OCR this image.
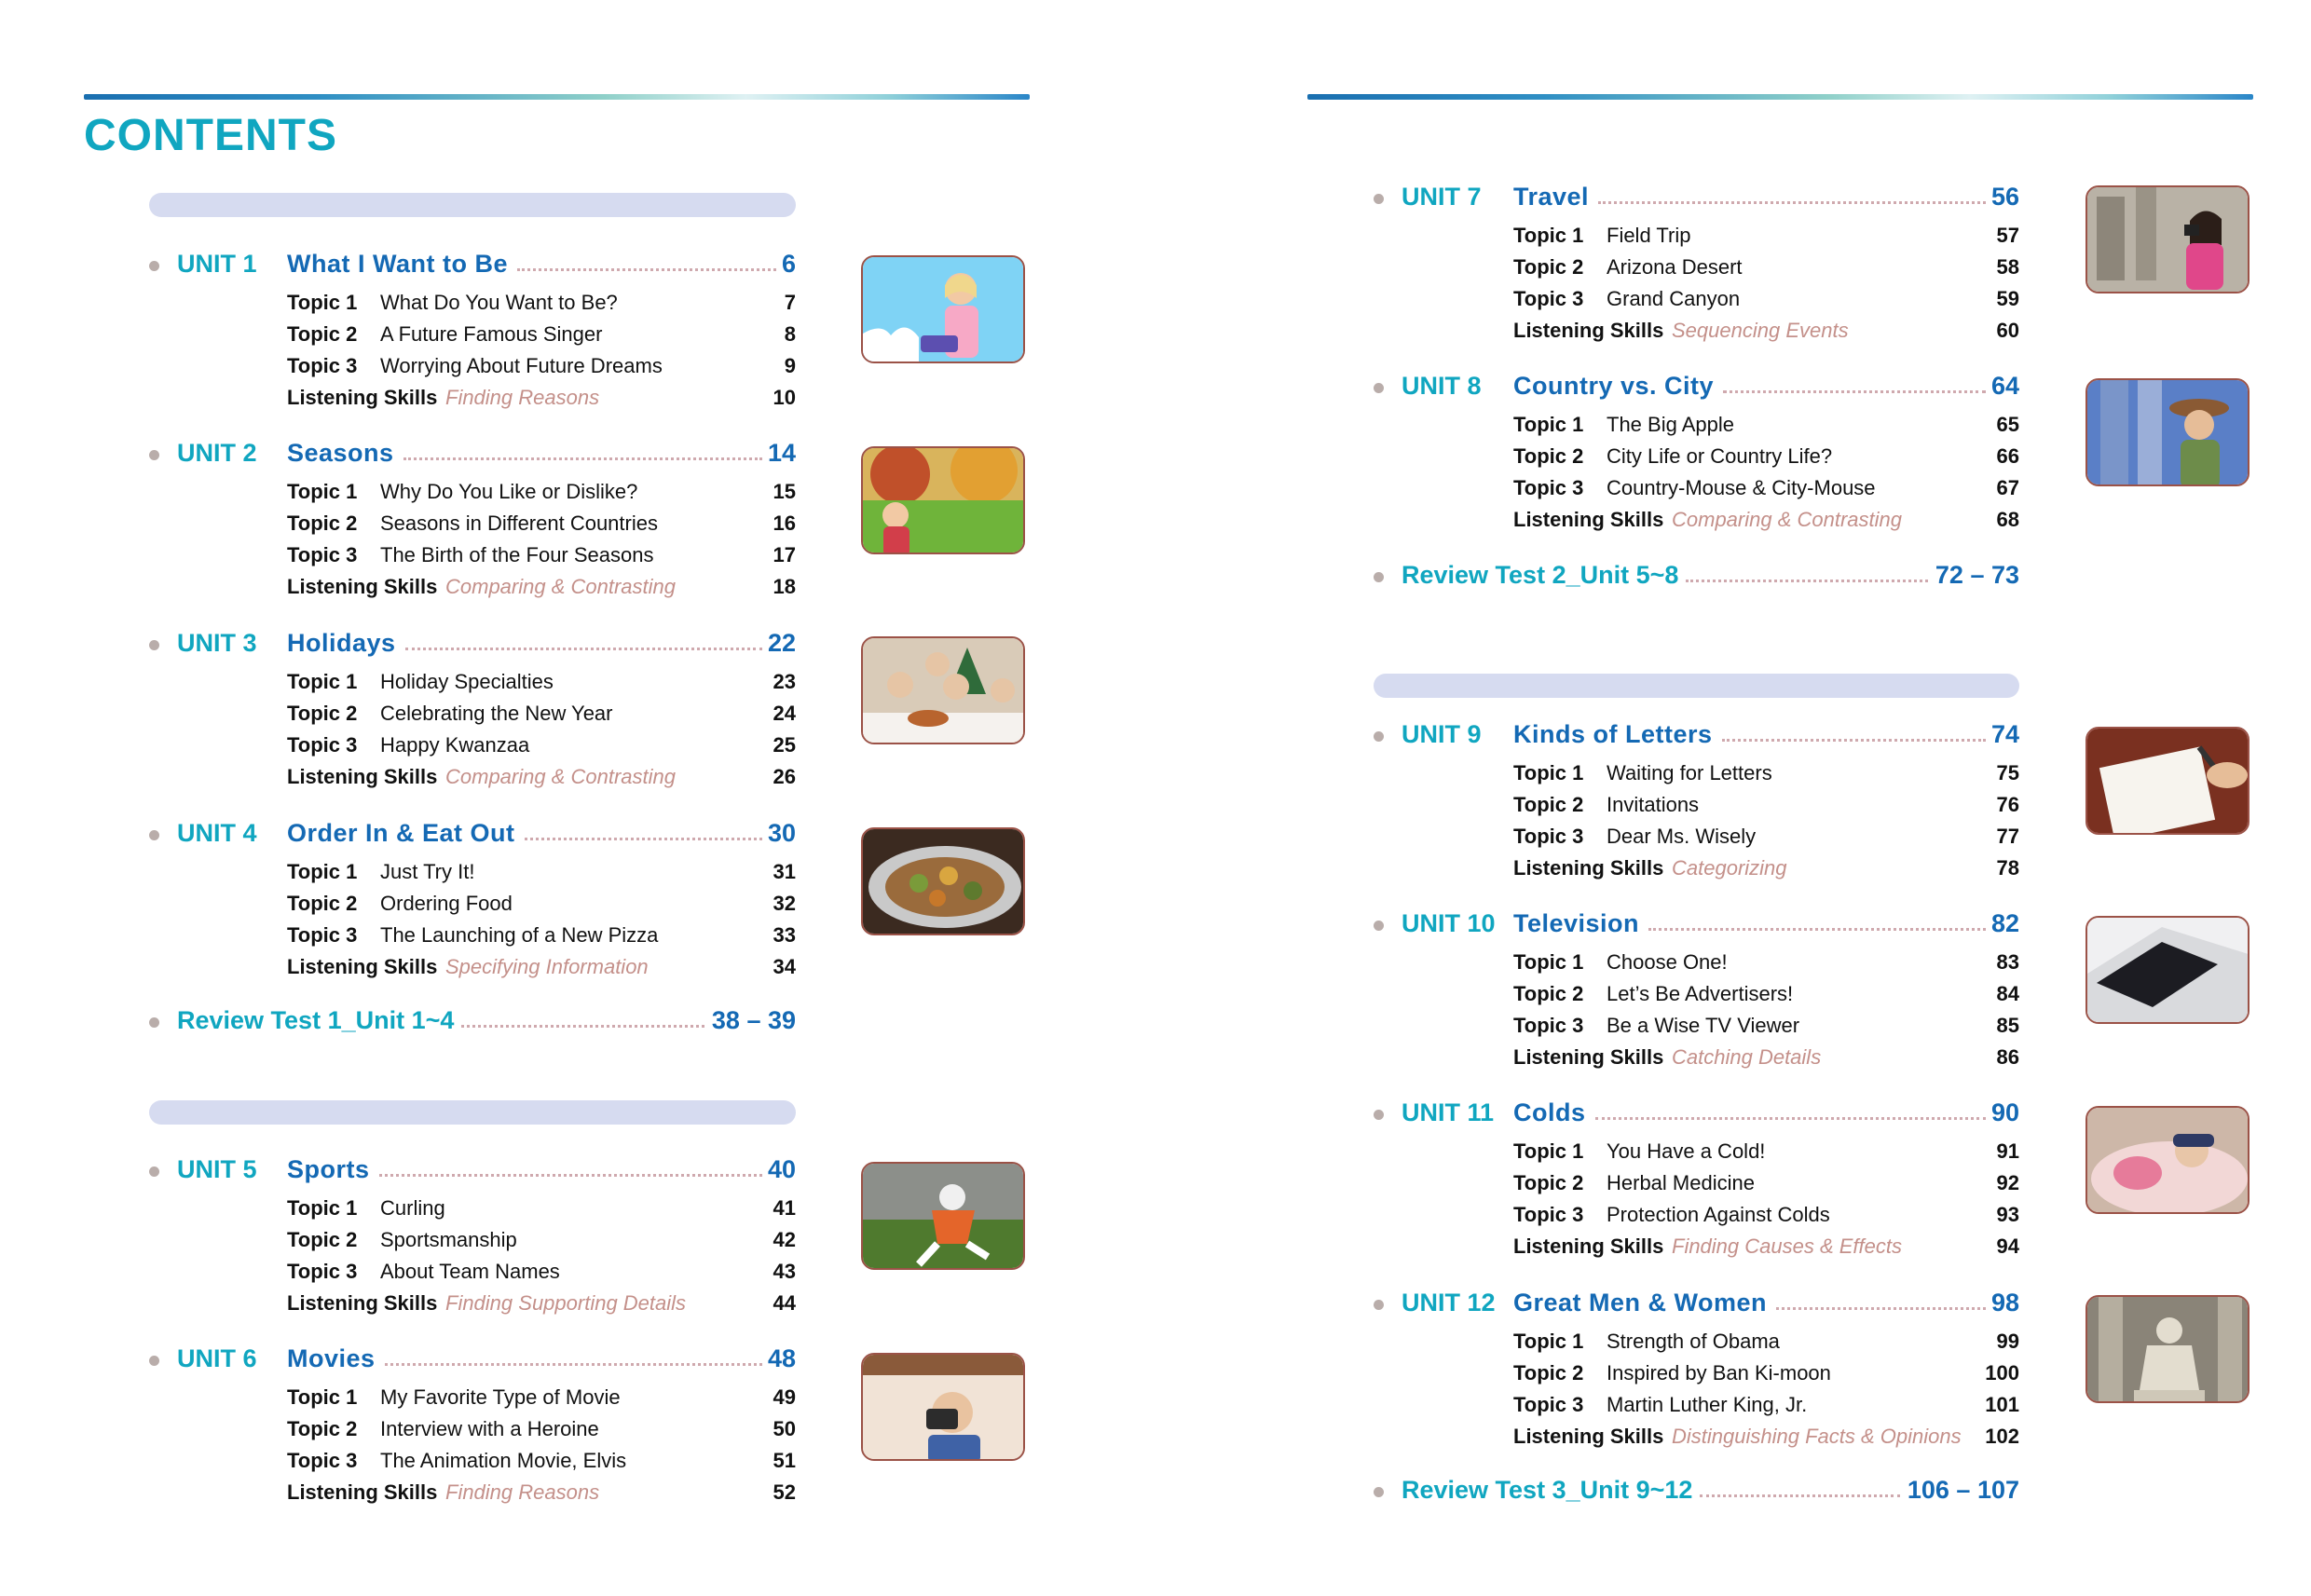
CONTENTS
UNIT 1 What I Want to Be	6
Topic 1 What Do You Want to Be?	7
Topic 2 A Future Famous Singer	8
Topic 3 Worrying About Future Dreams	9
Listening Skills Finding Reasons	10
UNIT 2 Seasons	14
Topic 1 Why Do You Like or Dislike?	15
Topic 2 Seasons in Different Countries	16
Topic 3 The Birth of the Four Seasons	17
Listening Skills Comparing & Contrasting	18
UNIT 3 Holidays	22
Topic 1 Holiday Specialties	23
Topic 2 Celebrating the New Year	24
Topic 3 Happy Kwanzaa	25
Listening Skills Comparing & Contrasting	26
UNIT 4 Order In & Eat Out	30
Topic 1 Just Try It!	31
Topic 2 Ordering Food	32
Topic 3 The Launching of a New Pizza	33
Listening Skills Specifying Information	34
UNIT 5 Sports	40
Topic 1 Curling	41
Topic 2 Sportsmanship	42
Topic 3 About Team Names	43
Listening Skills Finding Supporting Details	44
UNIT 6 Movies	48
Topic 1 My Favorite Type of Movie	49
Topic 2 Interview with a Heroine	50
Topic 3 The Animation Movie, Elvis	51
Listening Skills Finding Reasons	52
UNIT 7 Travel	56
Topic 1 Field Trip	57
Topic 2 Arizona Desert	58
Topic 3 Grand Canyon	59
Listening Skills Sequencing Events	60
UNIT 8 Country vs. City	64
Topic 1 The Big Apple	65
Topic 2 City Life or Country Life?	66
Topic 3 Country-Mouse & City-Mouse	67
Listening Skills Comparing & Contrasting	68
UNIT 9 Kinds of Letters	74
Topic 1 Waiting for Letters	75
Topic 2 Invitations	76
Topic 3 Dear Ms. Wisely	77
Listening Skills Categorizing	78
UNIT 10 Television	82
Topic 1 Choose One!	83
Topic 2 Let’s Be Advertisers!	84
Topic 3 Be a Wise TV Viewer	85
Listening Skills Catching Details	86
UNIT 11 Colds	90
Topic 1 You Have a Cold!	91
Topic 2 Herbal Medicine	92
Topic 3 Protection Against Colds	93
Listening Skills Finding Causes & Effects	94
UNIT 12 Great Men & Women	98
Topic 1 Strength of Obama	99
Topic 2 Inspired by Ban Ki-moon	100
Topic 3 Martin Luther King, Jr.	101
Listening Skills Distinguishing Facts & Opinions 102
Review Test 1_Unit 1~4	38 – 39
Review Test 2_Unit 5~8	72 – 73
Review Test 3_Unit 9~12	106 – 107
